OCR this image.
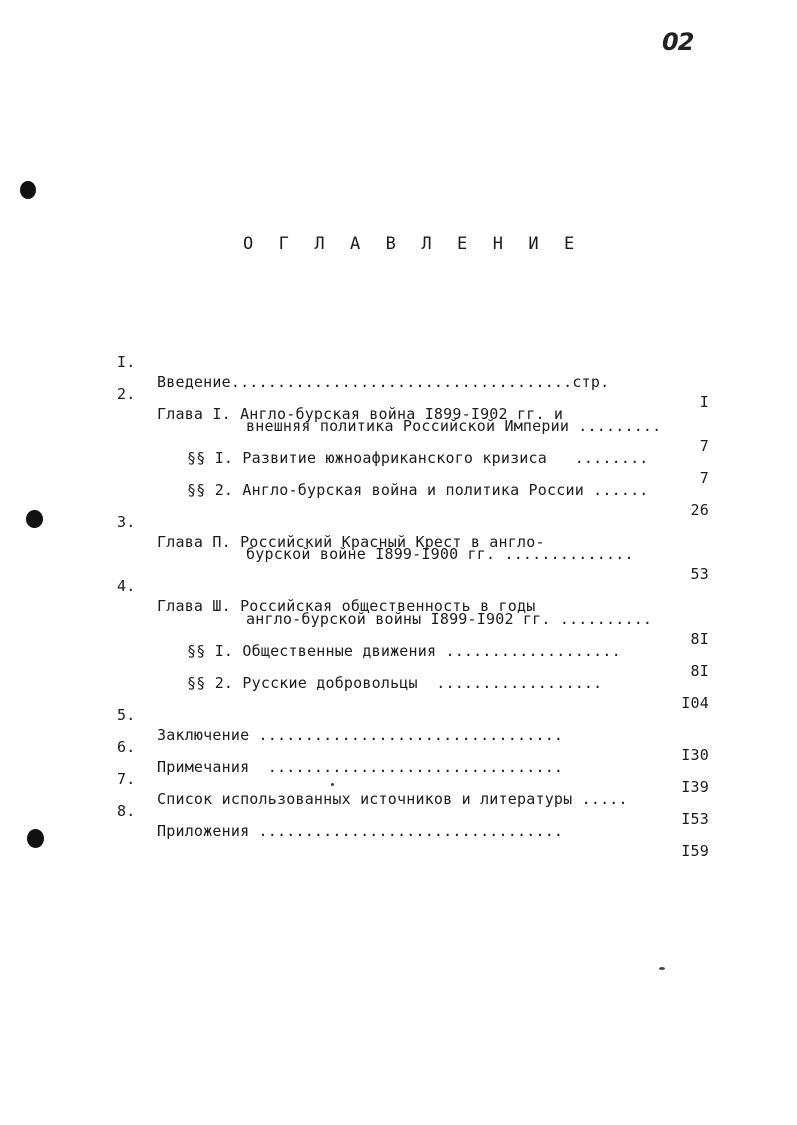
02
О Г Л А В Л Е Н И Е

I.

Введение.....................................стр.

I

2.

Глава I. Англо-бурская война I899-I902 гг. и

внешняя политика Российской Империи .........

7

§§ I. Развитие южноафриканского кризиса   ........

7

§§ 2. Англо-бурская война и политика России ......

26

3.

Глава П. Российский Красный Крест в англо-

бурской войне I899-I900 гг. ..............

53

4.

Глава Ш. Российская общественность в годы

англо-бурской войны I899-I902 гг. ..........

8I

§§ I. Общественные движения ...................

8I

§§ 2. Русские добровольцы  ..................

I04

5.

Заключение .................................

I30

6.

Примечания  ................................

I39

7.

Список использованных источников и литературы .....

I53

8.

Приложения .................................

I59
